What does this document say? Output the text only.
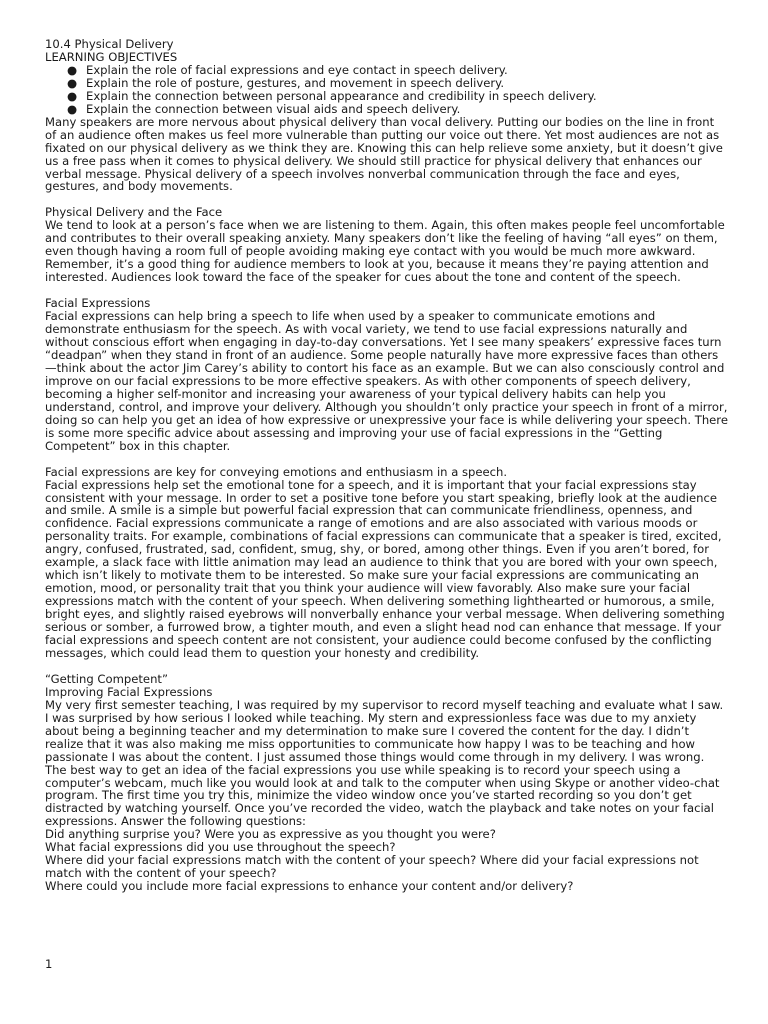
10.4 Physical Delivery

LEARNING OBJECTIVES

● Explain the role of facial expressions and eye contact in speech delivery.
● Explain the role of posture, gestures, and movement in speech delivery.
● Explain the connection between personal appearance and credibility in speech delivery.
● Explain the connection between visual aids and speech delivery.

Many speakers are more nervous about physical delivery than vocal delivery. Putting our bodies on the line in front of an audience often makes us feel more vulnerable than putting our voice out there. Yet most audiences are not as fixated on our physical delivery as we think they are. Knowing this can help relieve some anxiety, but it doesn’t give us a free pass when it comes to physical delivery. We should still practice for physical delivery that enhances our verbal message. Physical delivery of a speech involves nonverbal communication through the face and eyes, gestures, and body movements.

Physical Delivery and the Face

We tend to look at a person’s face when we are listening to them. Again, this often makes people feel uncomfortable and contributes to their overall speaking anxiety. Many speakers don’t like the feeling of having “all eyes” on them, even though having a room full of people avoiding making eye contact with you would be much more awkward. Remember, it’s a good thing for audience members to look at you, because it means they’re paying attention and interested. Audiences look toward the face of the speaker for cues about the tone and content of the speech.

Facial Expressions

Facial expressions can help bring a speech to life when used by a speaker to communicate emotions and demonstrate enthusiasm for the speech. As with vocal variety, we tend to use facial expressions naturally and without conscious effort when engaging in day-to-day conversations. Yet I see many speakers’ expressive faces turn “deadpan” when they stand in front of an audience. Some people naturally have more expressive faces than others—think about the actor Jim Carey’s ability to contort his face as an example. But we can also consciously control and improve on our facial expressions to be more effective speakers. As with other components of speech delivery, becoming a higher self-monitor and increasing your awareness of your typical delivery habits can help you understand, control, and improve your delivery. Although you shouldn’t only practice your speech in front of a mirror, doing so can help you get an idea of how expressive or unexpressive your face is while delivering your speech. There is some more specific advice about assessing and improving your use of facial expressions in the “Getting Competent” box in this chapter.

Facial expressions are key for conveying emotions and enthusiasm in a speech.

Facial expressions help set the emotional tone for a speech, and it is important that your facial expressions stay consistent with your message. In order to set a positive tone before you start speaking, briefly look at the audience and smile. A smile is a simple but powerful facial expression that can communicate friendliness, openness, and confidence. Facial expressions communicate a range of emotions and are also associated with various moods or personality traits. For example, combinations of facial expressions can communicate that a speaker is tired, excited, angry, confused, frustrated, sad, confident, smug, shy, or bored, among other things. Even if you aren’t bored, for example, a slack face with little animation may lead an audience to think that you are bored with your own speech, which isn’t likely to motivate them to be interested. So make sure your facial expressions are communicating an emotion, mood, or personality trait that you think your audience will view favorably. Also make sure your facial expressions match with the content of your speech. When delivering something lighthearted or humorous, a smile, bright eyes, and slightly raised eyebrows will nonverbally enhance your verbal message. When delivering something serious or somber, a furrowed brow, a tighter mouth, and even a slight head nod can enhance that message. If your facial expressions and speech content are not consistent, your audience could become confused by the conflicting messages, which could lead them to question your honesty and credibility.

“Getting Competent”

Improving Facial Expressions

My very first semester teaching, I was required by my supervisor to record myself teaching and evaluate what I saw. I was surprised by how serious I looked while teaching. My stern and expressionless face was due to my anxiety about being a beginning teacher and my determination to make sure I covered the content for the day. I didn’t realize that it was also making me miss opportunities to communicate how happy I was to be teaching and how passionate I was about the content. I just assumed those things would come through in my delivery. I was wrong. The best way to get an idea of the facial expressions you use while speaking is to record your speech using a computer’s webcam, much like you would look at and talk to the computer when using Skype or another video-chat program. The first time you try this, minimize the video window once you’ve started recording so you don’t get distracted by watching yourself. Once you’ve recorded the video, watch the playback and take notes on your facial expressions. Answer the following questions:

Did anything surprise you? Were you as expressive as you thought you were?

What facial expressions did you use throughout the speech?

Where did your facial expressions match with the content of your speech? Where did your facial expressions not match with the content of your speech?

Where could you include more facial expressions to enhance your content and/or delivery?

1
